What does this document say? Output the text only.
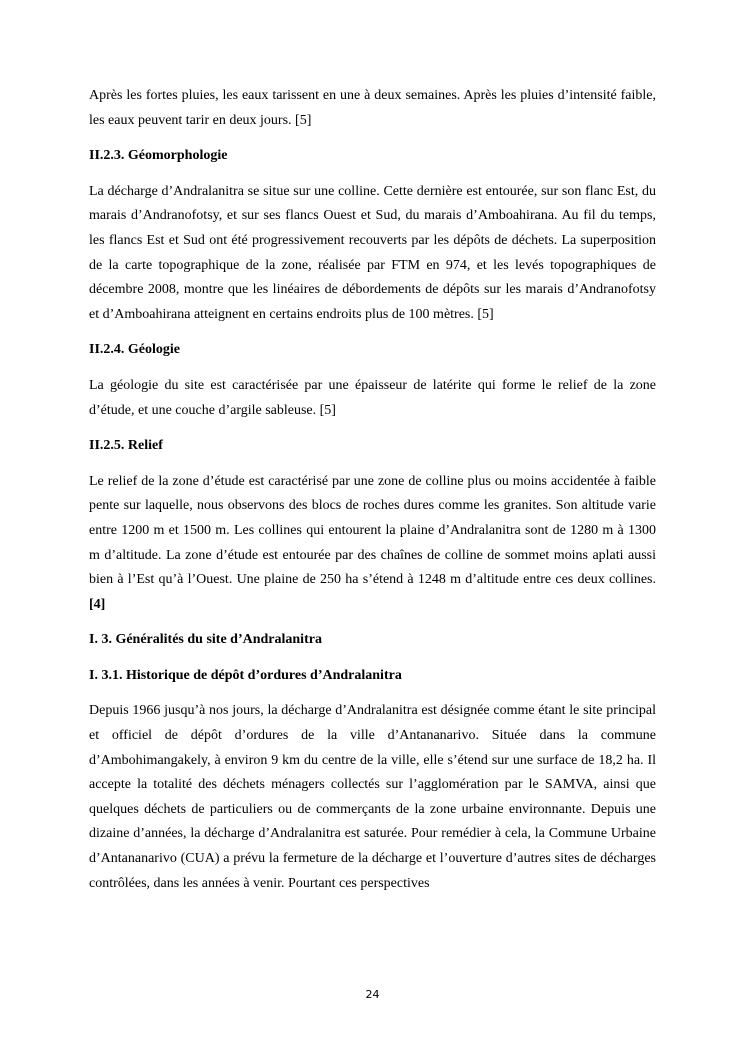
Après les fortes pluies, les eaux tarissent en une à deux semaines. Après les pluies d’intensité faible, les eaux peuvent tarir en deux jours. [5]

II.2.3. Géomorphologie

La décharge d’Andralanitra se situe sur une colline. Cette dernière est entourée, sur son flanc Est, du marais d’Andranofotsy, et sur ses flancs Ouest et Sud, du marais d’Amboahirana. Au fil du temps, les flancs Est et Sud ont été progressivement recouverts par les dépôts de déchets. La superposition de la carte topographique de la zone, réalisée par FTM en 974, et les levés topographiques de décembre 2008, montre que les linéaires de débordements de dépôts sur les marais d’Andranofotsy et d’Amboahirana atteignent en certains endroits plus de 100 mètres. [5]

II.2.4. Géologie

La géologie du site est caractérisée par une épaisseur de latérite qui forme le relief de la zone d’étude, et une couche d’argile sableuse. [5]

II.2.5. Relief

Le relief de la zone d’étude est caractérisé par une zone de colline plus ou moins accidentée à faible pente sur laquelle, nous observons des blocs de roches dures comme les granites. Son altitude varie entre 1200 m et 1500 m. Les collines qui entourent la plaine d’Andralanitra sont de 1280 m à 1300 m d’altitude. La zone d’étude est entourée par des chaînes de colline de sommet moins aplati aussi bien à l’Est qu’à l’Ouest. Une plaine de 250 ha s’étend à 1248 m d’altitude entre ces deux collines. [4]

I. 3. Généralités du site d’Andralanitra

I. 3.1. Historique de dépôt d’ordures d’Andralanitra

Depuis 1966 jusqu’à nos jours, la décharge d’Andralanitra est désignée comme étant le site principal et officiel de dépôt d’ordures de la ville d’Antananarivo. Située dans la commune d’Ambohimangakely, à environ 9 km du centre de la ville, elle s’étend sur une surface de 18,2 ha. Il accepte la totalité des déchets ménagers collectés sur l’agglomération par le SAMVA, ainsi que quelques déchets de particuliers ou de commerçants de la zone urbaine environnante. Depuis une dizaine d’années, la décharge d’Andralanitra est saturée. Pour remédier à cela, la Commune Urbaine d’Antananarivo (CUA) a prévu la fermeture de la décharge et l’ouverture d’autres sites de décharges contrôlées, dans les années à venir. Pourtant ces perspectives

24
